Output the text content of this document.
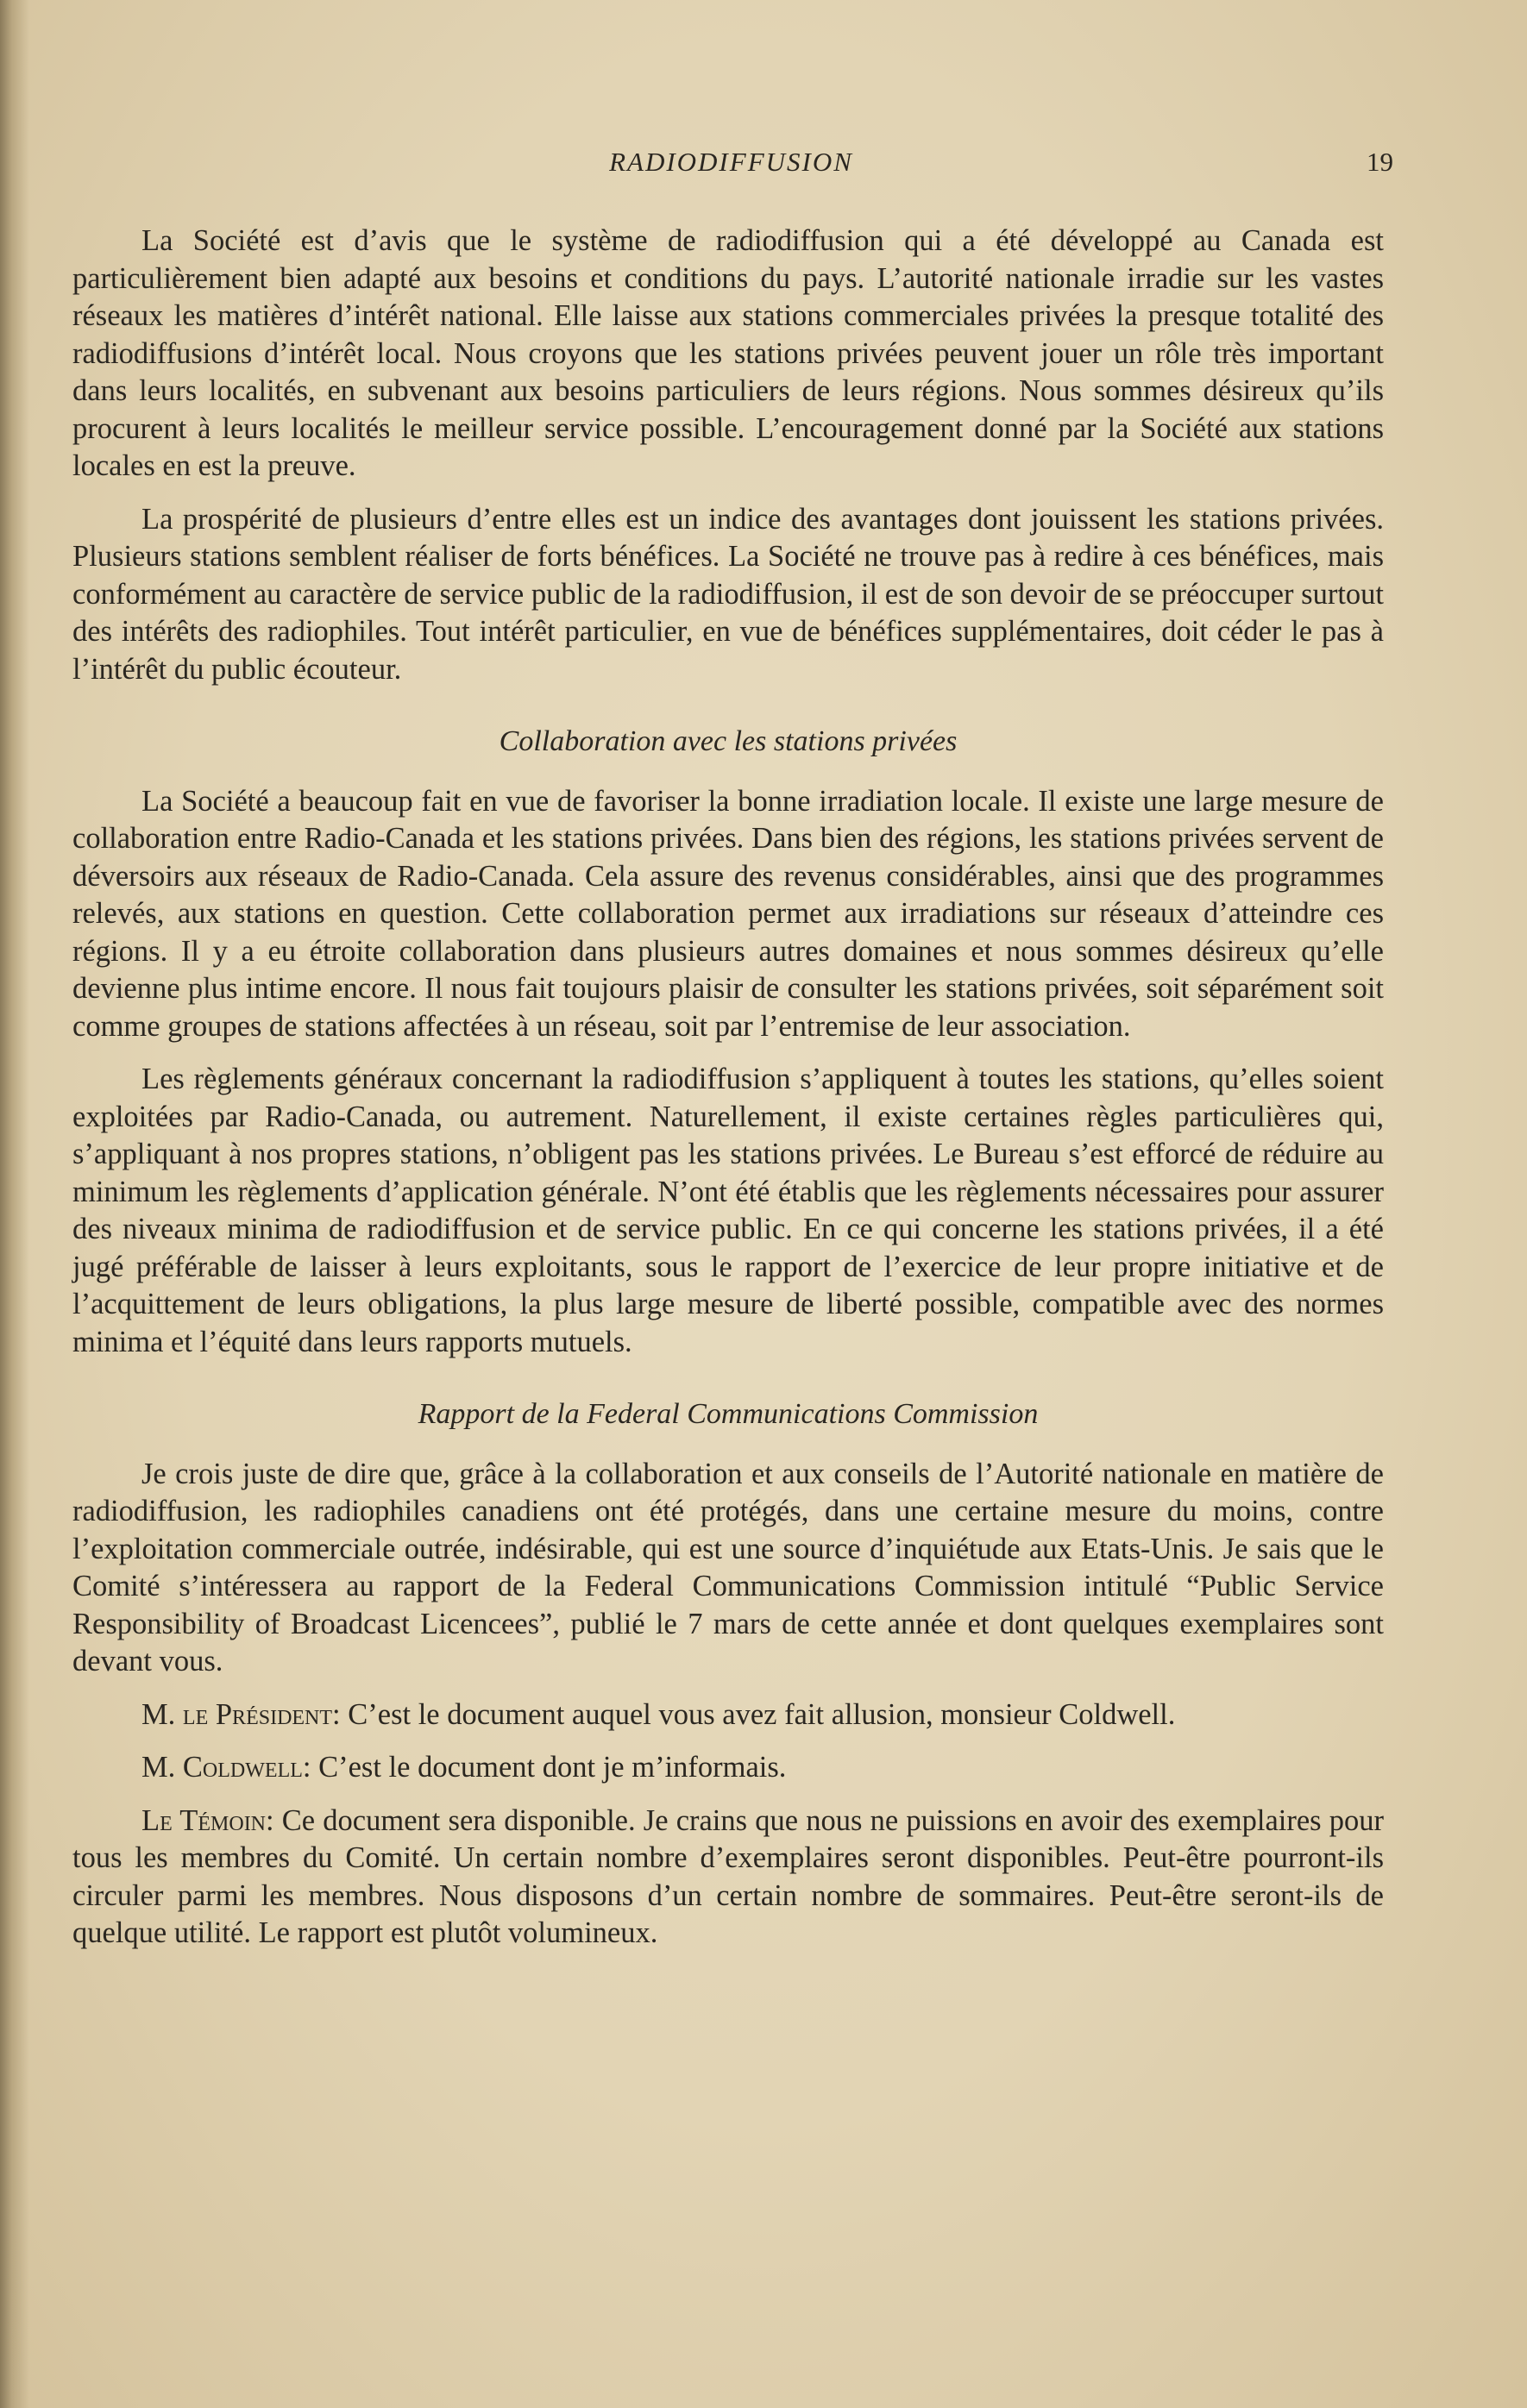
RADIODIFFUSION	19

La Société est d’avis que le système de radiodiffusion qui a été développé au Canada est particulièrement bien adapté aux besoins et conditions du pays. L’autorité nationale irradie sur les vastes réseaux les matières d’intérêt national. Elle laisse aux stations commerciales privées la presque totalité des radiodiffusions d’intérêt local. Nous croyons que les stations privées peuvent jouer un rôle très important dans leurs localités, en subvenant aux besoins particuliers de leurs régions. Nous sommes désireux qu’ils procurent à leurs localités le meilleur service possible. L’encouragement donné par la Société aux stations locales en est la preuve.

La prospérité de plusieurs d’entre elles est un indice des avantages dont jouissent les stations privées. Plusieurs stations semblent réaliser de forts bénéfices. La Société ne trouve pas à redire à ces bénéfices, mais conformément au caractère de service public de la radiodiffusion, il est de son devoir de se préoccuper surtout des intérêts des radiophiles. Tout intérêt particulier, en vue de bénéfices supplémentaires, doit céder le pas à l’intérêt du public écouteur.

Collaboration avec les stations privées

La Société a beaucoup fait en vue de favoriser la bonne irradiation locale. Il existe une large mesure de collaboration entre Radio-Canada et les stations privées. Dans bien des régions, les stations privées servent de déversoirs aux réseaux de Radio-Canada. Cela assure des revenus considérables, ainsi que des programmes relevés, aux stations en question. Cette collaboration permet aux irradiations sur réseaux d’atteindre ces régions. Il y a eu étroite collaboration dans plusieurs autres domaines et nous sommes désireux qu’elle devienne plus intime encore. Il nous fait toujours plaisir de consulter les stations privées, soit séparément soit comme groupes de stations affectées à un réseau, soit par l’entremise de leur association.

Les règlements généraux concernant la radiodiffusion s’appliquent à toutes les stations, qu’elles soient exploitées par Radio-Canada, ou autrement. Naturellement, il existe certaines règles particulières qui, s’appliquant à nos propres stations, n’obligent pas les stations privées. Le Bureau s’est efforcé de réduire au minimum les règlements d’application générale. N’ont été établis que les règlements nécessaires pour assurer des niveaux minima de radiodiffusion et de service public. En ce qui concerne les stations privées, il a été jugé préférable de laisser à leurs exploitants, sous le rapport de l’exercice de leur propre initiative et de l’acquittement de leurs obligations, la plus large mesure de liberté possible, compatible avec des normes minima et l’équité dans leurs rapports mutuels.

Rapport de la Federal Communications Commission

Je crois juste de dire que, grâce à la collaboration et aux conseils de l’Autorité nationale en matière de radiodiffusion, les radiophiles canadiens ont été protégés, dans une certaine mesure du moins, contre l’exploitation commerciale outrée, indésirable, qui est une source d’inquiétude aux Etats-Unis. Je sais que le Comité s’intéressera au rapport de la Federal Communications Commission intitulé “Public Service Responsibility of Broadcast Licencees”, publié le 7 mars de cette année et dont quelques exemplaires sont devant vous.

M. le Président: C’est le document auquel vous avez fait allusion, monsieur Coldwell.

M. Coldwell: C’est le document dont je m’informais.

Le Témoin: Ce document sera disponible. Je crains que nous ne puissions en avoir des exemplaires pour tous les membres du Comité. Un certain nombre d’exemplaires seront disponibles. Peut-être pourront-ils circuler parmi les membres. Nous disposons d’un certain nombre de sommaires. Peut-être seront-ils de quelque utilité. Le rapport est plutôt volumineux.
